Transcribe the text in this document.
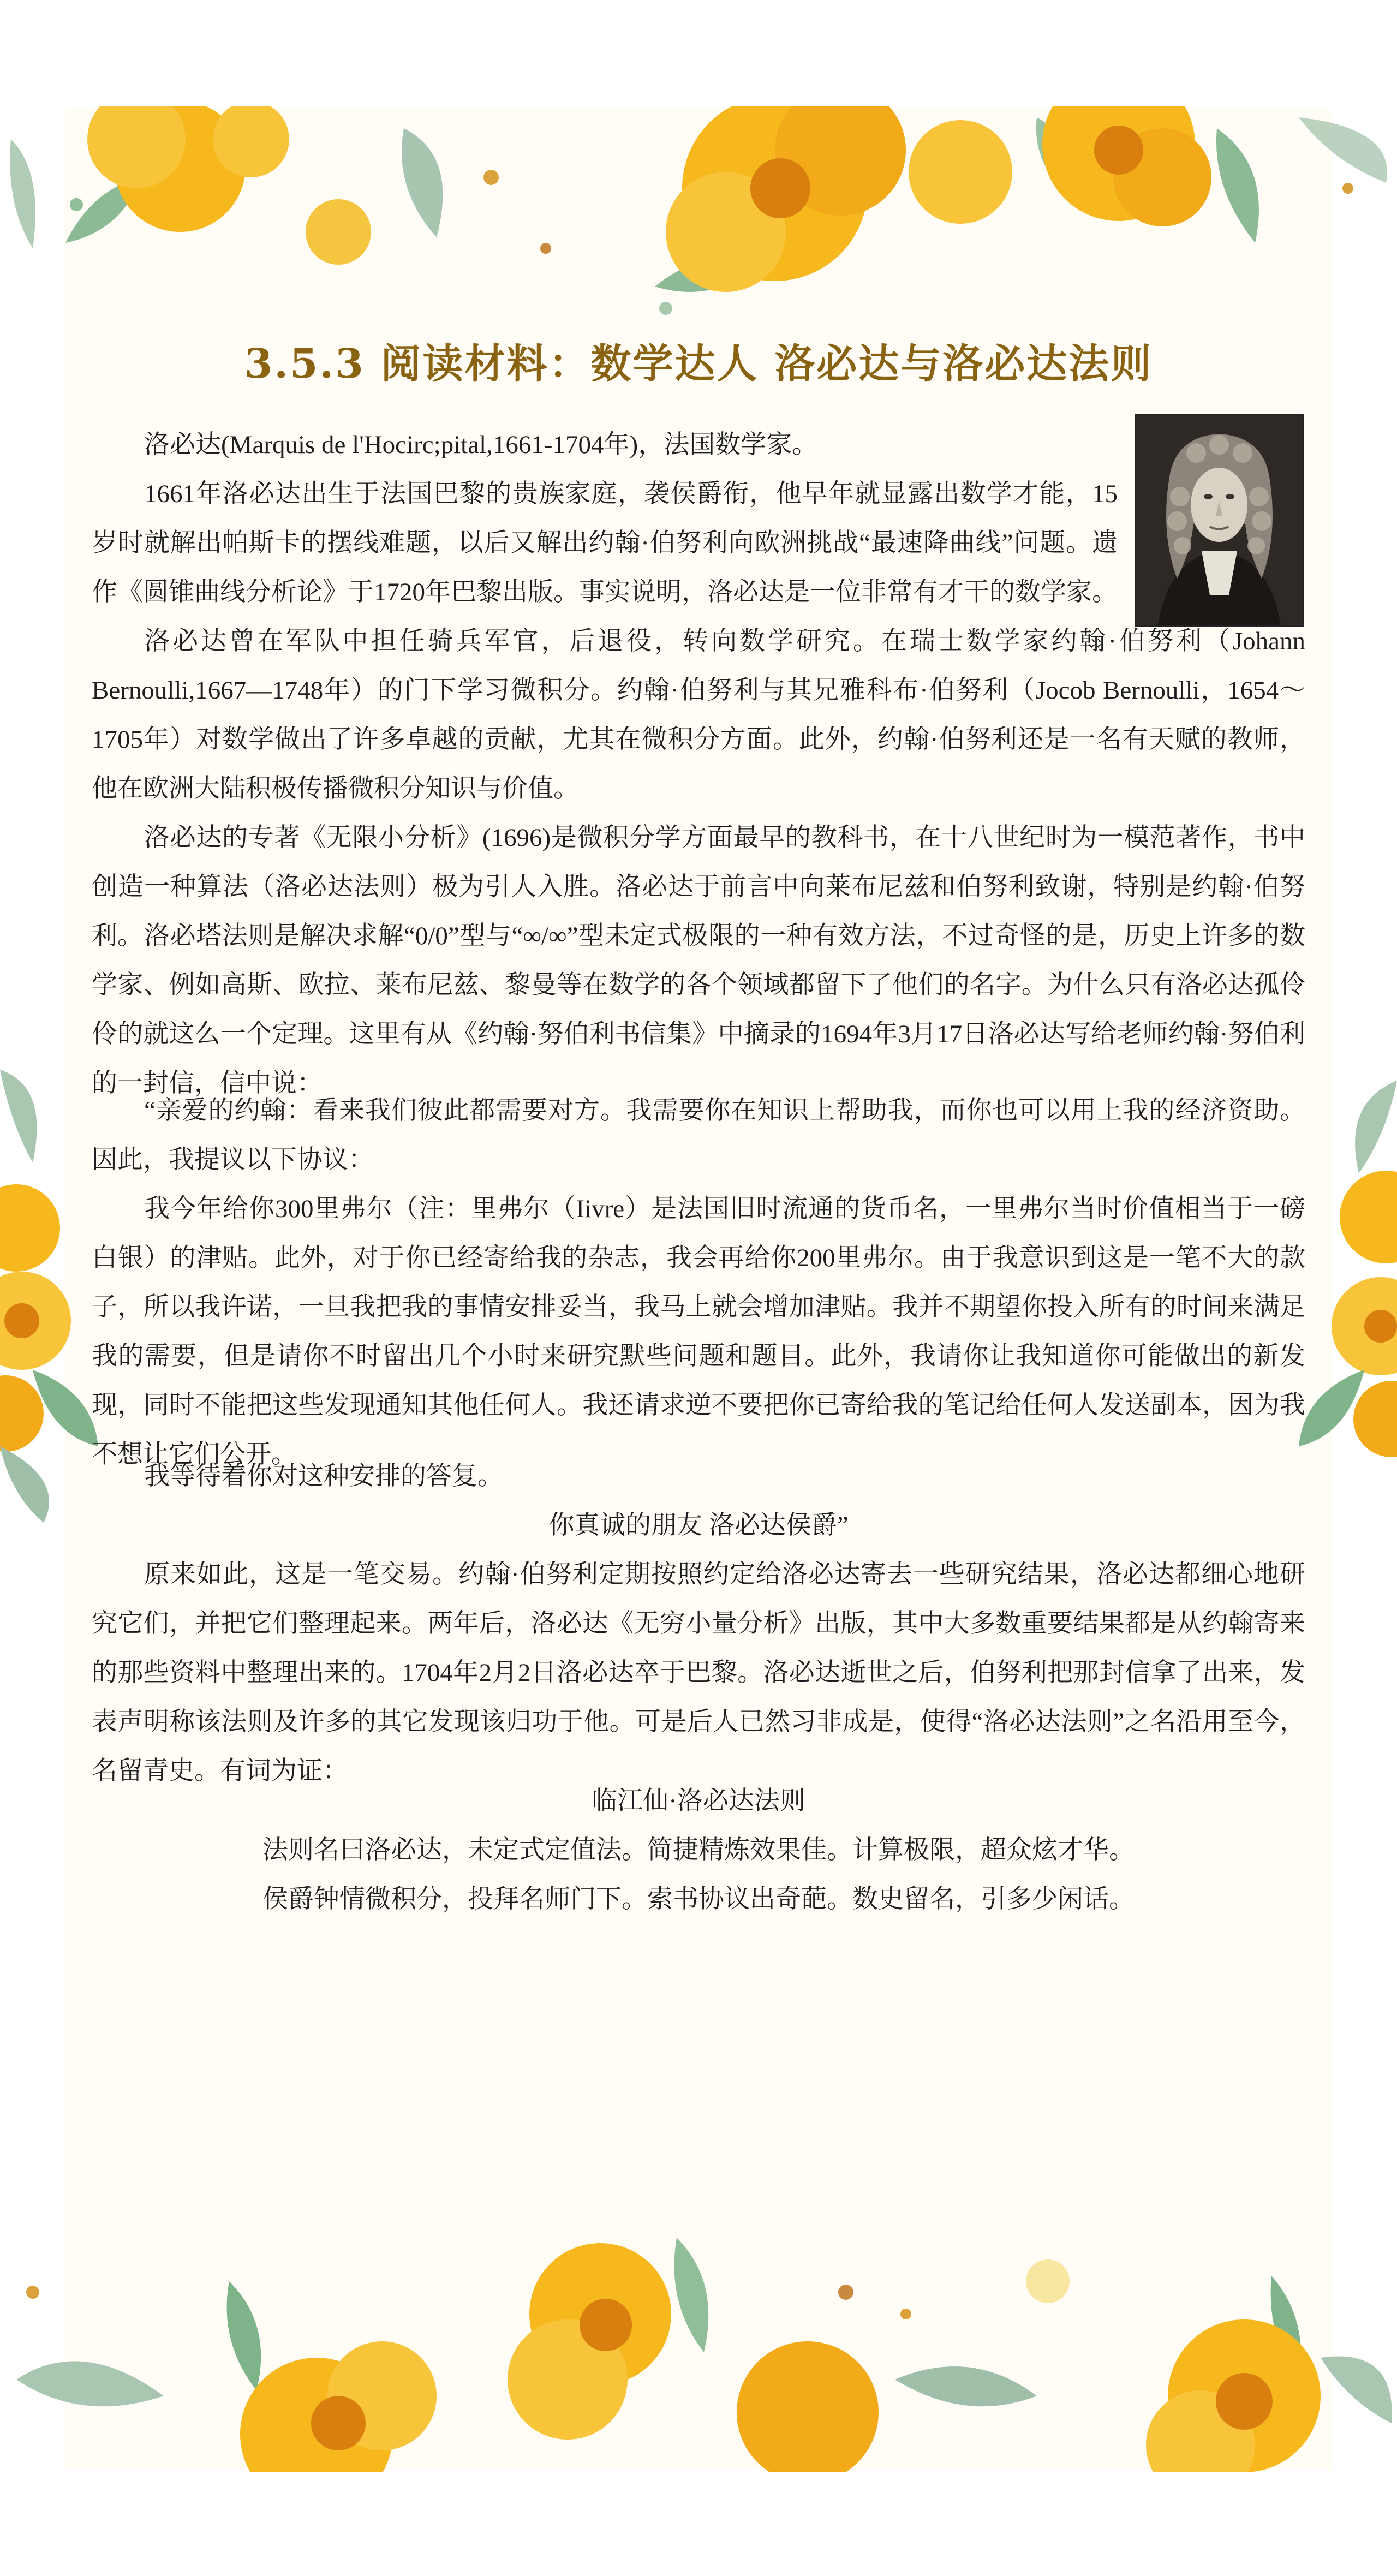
3.5.3 阅读材料：数学达人 洛必达与洛必达法则

洛必达(Marquis de l'Hocirc;pital,1661-1704年)，法国数学家。

1661年洛必达出生于法国巴黎的贵族家庭，袭侯爵衔，他早年就显露出数学才能，15岁时就解出帕斯卡的摆线难题，以后又解出约翰·伯努利向欧洲挑战“最速降曲线”问题。遗作《圆锥曲线分析论》于1720年巴黎出版。事实说明，洛必达是一位非常有才干的数学家。

洛必达曾在军队中担任骑兵军官，后退役，转向数学研究。在瑞士数学家约翰·伯努利（Johann Bernoulli,1667—1748年）的门下学习微积分。约翰·伯努利与其兄雅科布·伯努利（Jocob Bernoulli，1654～1705年）对数学做出了许多卓越的贡献，尤其在微积分方面。此外，约翰·伯努利还是一名有天赋的教师，他在欧洲大陆积极传播微积分知识与价值。

洛必达的专著《无限小分析》(1696)是微积分学方面最早的教科书，在十八世纪时为一模范著作，书中创造一种算法（洛必达法则）极为引人入胜。洛必达于前言中向莱布尼兹和伯努利致谢，特别是约翰·伯努利。 洛必塔法则是解决求解“0/0”型与“∞/∞”型未定式极限的一种有效方法，不过奇怪的是，历史上许多的数学家、例如高斯、欧拉、莱布尼兹、黎曼等在数学的各个领域都留下了他们的名字。为什么只有洛必达孤伶伶的就这么一个定理。这里有从《约翰·努伯利书信集》中摘录的1694年3月17日洛必达写给老师约翰·努伯利的一封信，信中说：

“亲爱的约翰：看来我们彼此都需要对方。我需要你在知识上帮助我，而你也可以用上我的经济资助。因此，我提议以下协议：

我今年给你300里弗尔（注：里弗尔（Iivre）是法国旧时流通的货币名，一里弗尔当时价值相当于一磅白银）的津贴。此外，对于你已经寄给我的杂志，我会再给你200里弗尔。由于我意识到这是一笔不大的款子，所以我许诺，一旦我把我的事情安排妥当，我马上就会增加津贴。我并不期望你投入所有的时间来满足我的需要，但是请你不时留出几个小时来研究默些问题和题目。此外，我请你让我知道你可能做出的新发现，同时不能把这些发现通知其他任何人。我还请求逆不要把你已寄给我的笔记给任何人发送副本，因为我不想让它们公开。

我等待着你对这种安排的答复。

你真诚的朋友 洛必达侯爵”

原来如此，这是一笔交易。约翰·伯努利定期按照约定给洛必达寄去一些研究结果，洛必达都细心地研究它们，并把它们整理起来。两年后，洛必达《无穷小量分析》出版，其中大多数重要结果都是从约翰寄来的那些资料中整理出来的。1704年2月2日洛必达卒于巴黎。洛必达逝世之后，伯努利把那封信拿了出来，发表声明称该法则及许多的其它发现该归功于他。可是后人已然习非成是，使得“洛必达法则”之名沿用至今，名留青史。有词为证：

临江仙·洛必达法则

法则名曰洛必达，未定式定值法。简捷精炼效果佳。计算极限，超众炫才华。

侯爵钟情微积分，投拜名师门下。索书协议出奇葩。数史留名，引多少闲话。
